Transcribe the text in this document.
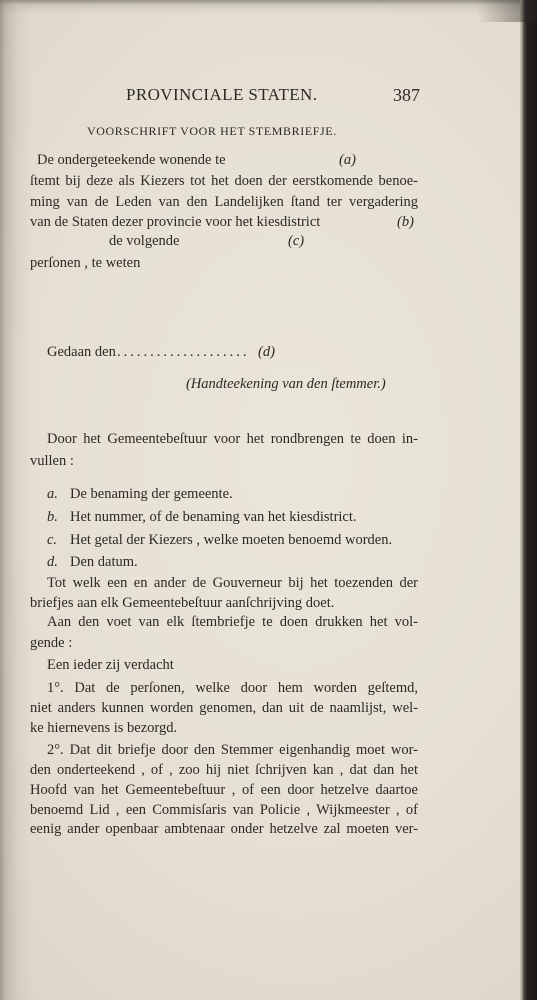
PROVINCIALE STATEN.	387
VOORSCHRIFT VOOR HET STEMBRIEFJE.
De ondergeteekende wonende te	(a)
ſtemt bij deze als Kiezers tot het doen der eerstkomende benoe-
ming van de Leden van den Landelijken ſtand ter vergadering
van de Staten dezer provincie voor het kiesdistrict	(b)
de volgende	(c)
perſonen , te weten
Gedaan den .................... (d)
(Handteekening van den ſtemmer.)
Door het Gemeentebeſtuur voor het rondbrengen te doen in-
vullen :
a. De benaming der gemeente.
b. Het nummer, of de benaming van het kiesdistrict.
c. Het getal der Kiezers , welke moeten benoemd worden.
d. Den datum.
Tot welk een en ander de Gouverneur bij het toezenden der
briefjes aan elk Gemeentebeſtuur aanſchrijving doet.
Aan den voet van elk ſtembriefje te doen drukken het vol-
gende :
Een ieder zij verdacht
1°. Dat de perſonen, welke door hem worden geſtemd,
niet anders kunnen worden genomen, dan uit de naamlijst, wel-
ke hiernevens is bezorgd.
2°. Dat dit briefje door den Stemmer eigenhandig moet wor-
den onderteekend , of , zoo hij niet ſchrijven kan , dat dan het
Hoofd van het Gemeentebeſtuur , of een door hetzelve daartoe
benoemd Lid , een Commisſaris van Policie , Wijkmeester , of
eenig ander openbaar ambtenaar onder hetzelve zal moeten ver-
